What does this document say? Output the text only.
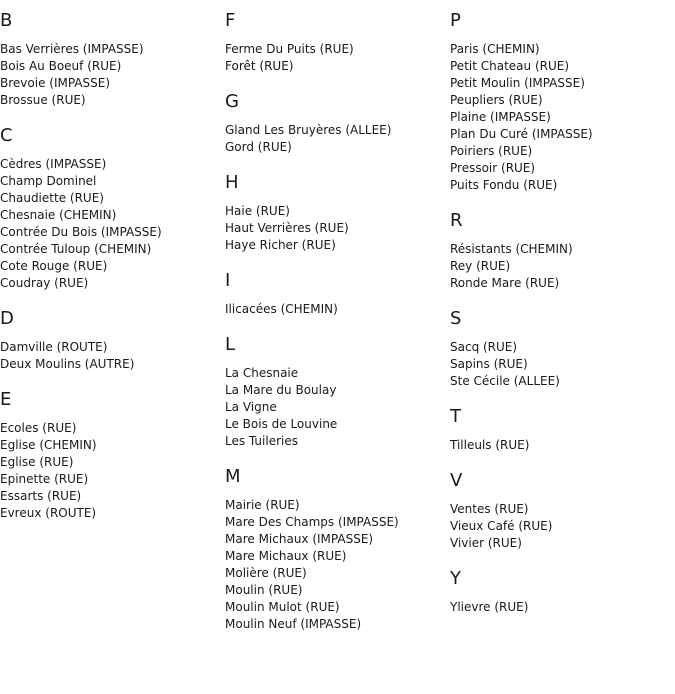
B
Bas Verrières (IMPASSE)
Bois Au Boeuf (RUE)
Brevoie (IMPASSE)
Brossue (RUE)
C
Cèdres (IMPASSE)
Champ Dominel
Chaudiette (RUE)
Chesnaie (CHEMIN)
Contrée Du Bois (IMPASSE)
Contrée Tuloup (CHEMIN)
Cote Rouge (RUE)
Coudray (RUE)
D
Damville (ROUTE)
Deux Moulins (AUTRE)
E
Ecoles (RUE)
Eglise (CHEMIN)
Eglise (RUE)
Epinette (RUE)
Essarts (RUE)
Evreux (ROUTE)
F
Ferme Du Puits (RUE)
Forêt (RUE)
G
Gland Les Bruyères (ALLEE)
Gord (RUE)
H
Haie (RUE)
Haut Verrières (RUE)
Haye Richer (RUE)
I
Ilicacées (CHEMIN)
L
La Chesnaie
La Mare du Boulay
La Vigne
Le Bois de Louvine
Les Tuileries
M
Mairie (RUE)
Mare Des Champs (IMPASSE)
Mare Michaux (IMPASSE)
Mare Michaux (RUE)
Molière (RUE)
Moulin (RUE)
Moulin Mulot (RUE)
Moulin Neuf (IMPASSE)
P
Paris (CHEMIN)
Petit Chateau (RUE)
Petit Moulin (IMPASSE)
Peupliers (RUE)
Plaine (IMPASSE)
Plan Du Curé (IMPASSE)
Poiriers (RUE)
Pressoir (RUE)
Puits Fondu (RUE)
R
Résistants (CHEMIN)
Rey (RUE)
Ronde Mare (RUE)
S
Sacq (RUE)
Sapins (RUE)
Ste Cécile (ALLEE)
T
Tilleuls (RUE)
V
Ventes (RUE)
Vieux Café (RUE)
Vivier (RUE)
Y
Ylievre (RUE)
